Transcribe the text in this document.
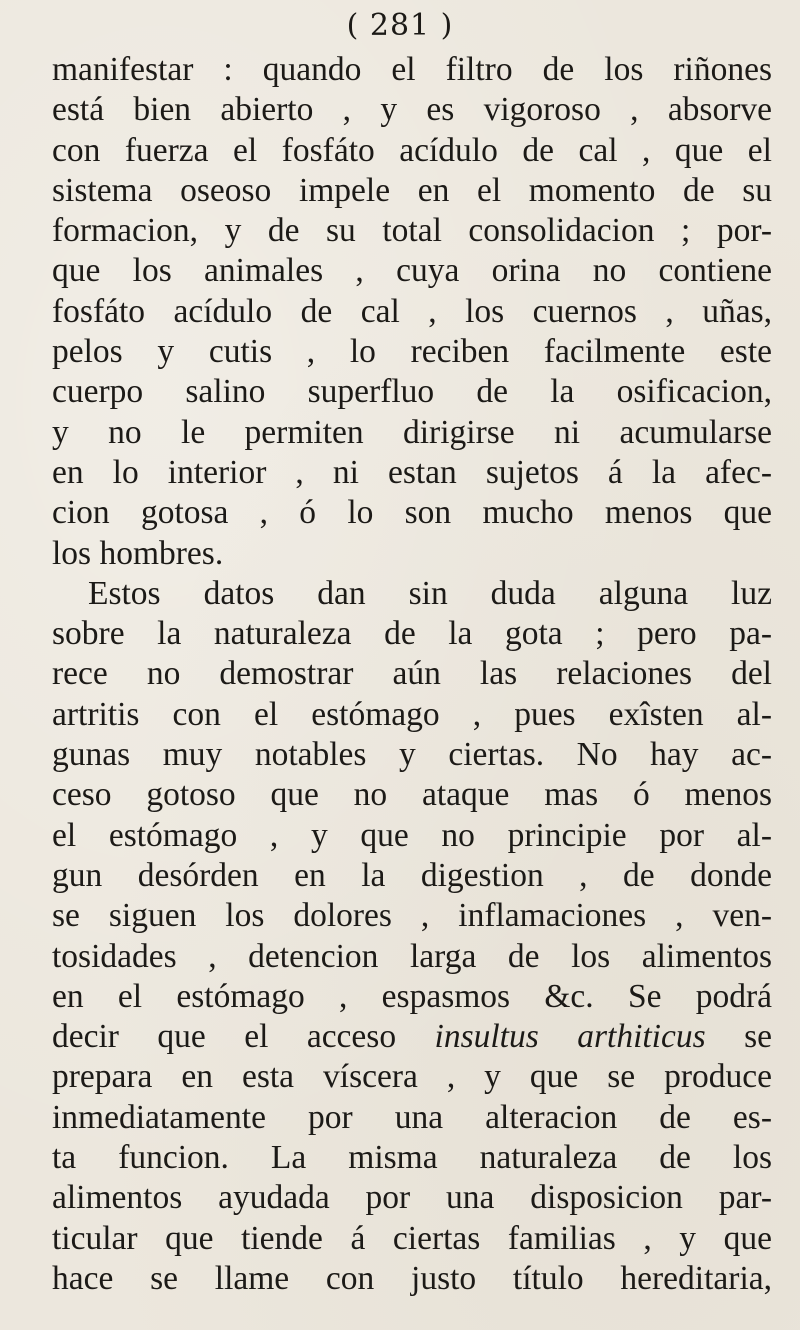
( 281 )
manifestar : quando el filtro de los riñones
está bien abierto , y es vigoroso , absorve
con fuerza el fosfáto acídulo de cal , que el
sistema oseoso impele en el momento de su
formacion, y de su total consolidacion ; por-
que los animales , cuya orina no contiene
fosfáto acídulo de cal , los cuernos , uñas,
pelos y cutis , lo reciben facilmente este
cuerpo salino superfluo de la osificacion,
y no le permiten dirigirse ni acumularse
en lo interior , ni estan sujetos á la afec-
cion gotosa , ó lo son mucho menos que
los hombres.
Estos datos dan sin duda alguna luz
sobre la naturaleza de la gota ; pero pa-
rece no demostrar aún las relaciones del
artritis con el estómago , pues exîsten al-
gunas muy notables y ciertas. No hay ac-
ceso gotoso que no ataque mas ó menos
el estómago , y que no principie por al-
gun desórden en la digestion , de donde
se siguen los dolores , inflamaciones , ven-
tosidades , detencion larga de los alimentos
en el estómago , espasmos &c. Se podrá
decir que el acceso insultus arthiticus se
prepara en esta víscera , y que se produce
inmediatamente por una alteracion de es-
ta funcion. La misma naturaleza de los
alimentos ayudada por una disposicion par-
ticular que tiende á ciertas familias , y que
hace se llame con justo título hereditaria,
